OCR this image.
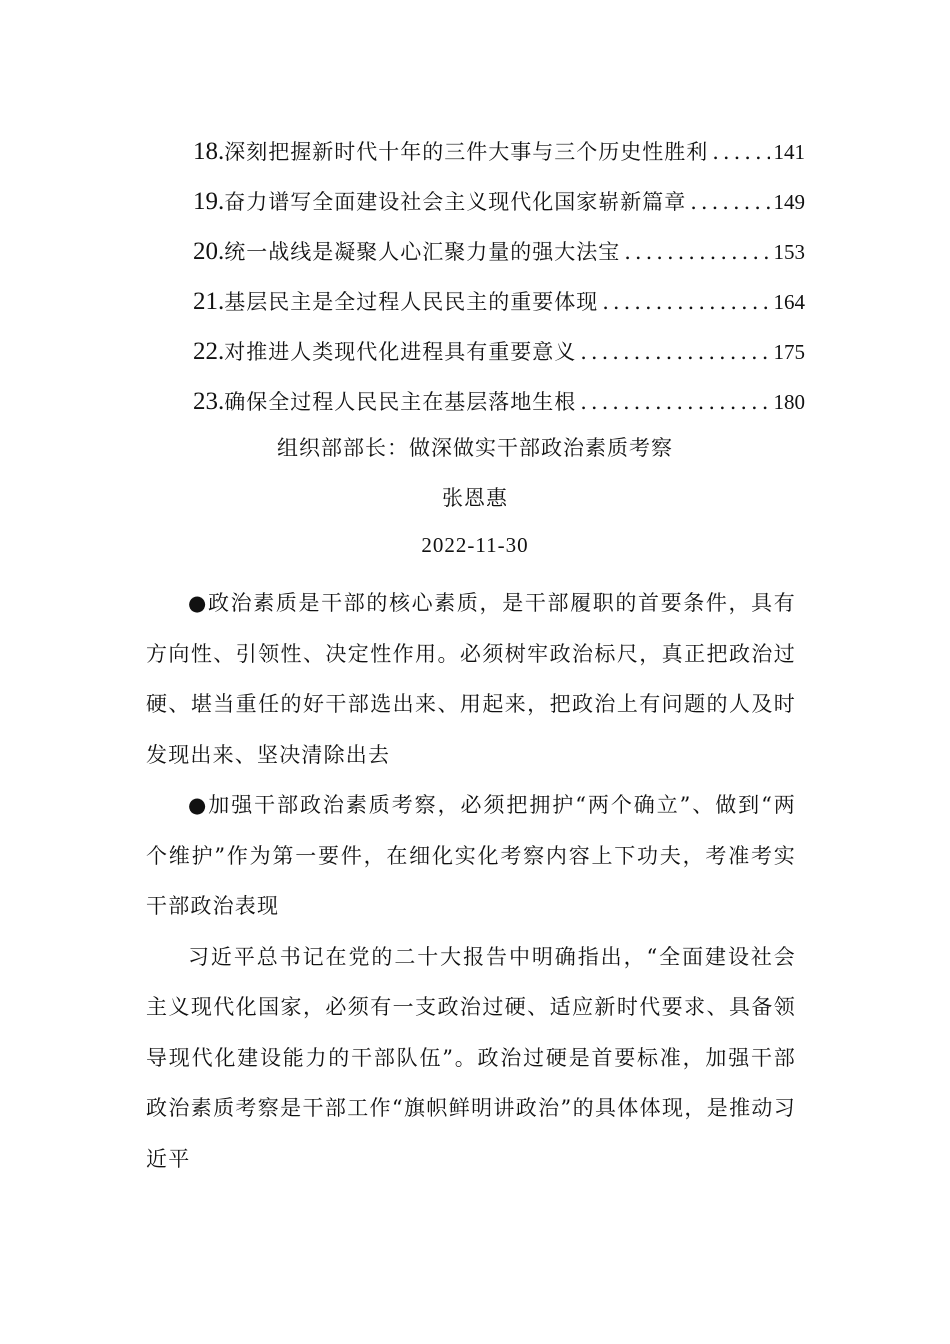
18. 深刻把握新时代十年的三件大事与三个历史性胜利 .....	141
19. 奋力谱写全面建设社会主义现代化国家崭新篇章 .....	149
20. 统一战线是凝聚人心汇聚力量的强大法宝 .....	153
21. 基层民主是全过程人民民主的重要体现 .....	164
22. 对推进人类现代化进程具有重要意义 .....	175
23. 确保全过程人民民主在基层落地生根 .....	180
组织部部长：做深做实干部政治素质考察
张恩惠
2022-11-30

●政治素质是干部的核心素质，是干部履职的首要条件，具有方向性、引领性、决定性作用。必须树牢政治标尺，真正把政治过硬、堪当重任的好干部选出来、用起来，把政治上有问题的人及时发现出来、坚决清除出去

●加强干部政治素质考察，必须把拥护“两个确立”、做到“两个维护”作为第一要件，在细化实化考察内容上下功夫，考准考实干部政治表现

习近平总书记在党的二十大报告中明确指出，“全面建设社会主义现代化国家，必须有一支政治过硬、适应新时代要求、具备领导现代化建设能力的干部队伍”。政治过硬是首要标准，加强干部政治素质考察是干部工作“旗帜鲜明讲政治”的具体体现，是推动习近平
